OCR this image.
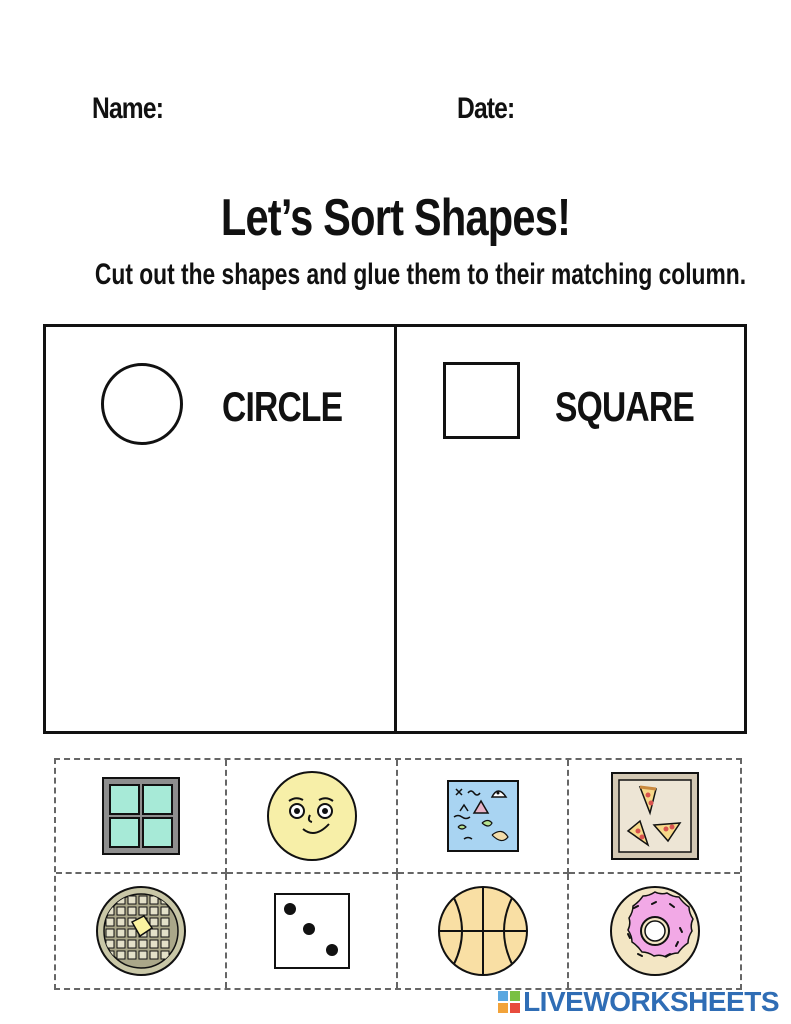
Name:	Date:
Let’s Sort Shapes!
Cut out the shapes and glue them to their matching column.
CIRCLE	SQUARE
LIVEWORKSHEETS
